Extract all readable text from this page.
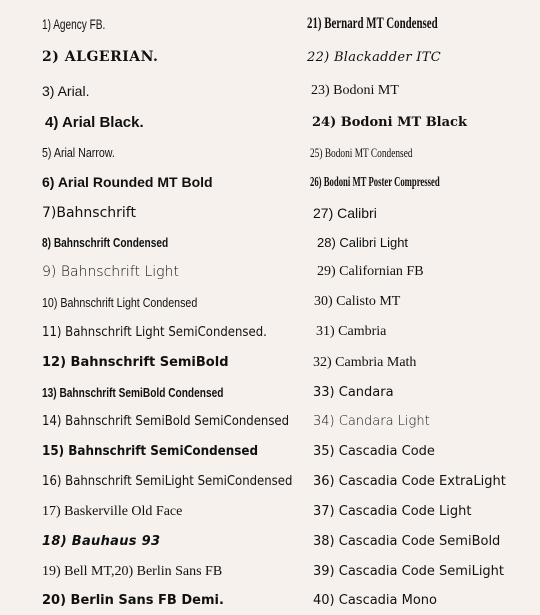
1) Agency FB.
2) ALGERIAN.
3) Arial.
4) Arial Black.
5) Arial Narrow.
6) Arial Rounded MT Bold
7)Bahnschrift
8) Bahnschrift Condensed
9) Bahnschrift Light
10) Bahnschrift Light Condensed
11) Bahnschrift Light SemiCondensed.
12) Bahnschrift SemiBold
13) Bahnschrift SemiBold Condensed
14) Bahnschrift SemiBold SemiCondensed
15) Bahnschrift SemiCondensed
16) Bahnschrift SemiLight SemiCondensed
17) Baskerville Old Face
18) Bauhaus 93
19) Bell MT,20) Berlin Sans FB
20) Berlin Sans FB Demi.
21) Bernard MT Condensed
22) Blackadder ITC
23) Bodoni MT
24) Bodoni MT Black
25) Bodoni MT Condensed
26) Bodoni MT Poster Compressed
27) Calibri
28) Calibri Light
29) Californian FB
30) Calisto MT
31) Cambria
32) Cambria Math
33) Candara
34) Candara Light
35) Cascadia Code
36) Cascadia Code ExtraLight
37) Cascadia Code Light
38) Cascadia Code SemiBold
39) Cascadia Code SemiLight
40) Cascadia Mono
